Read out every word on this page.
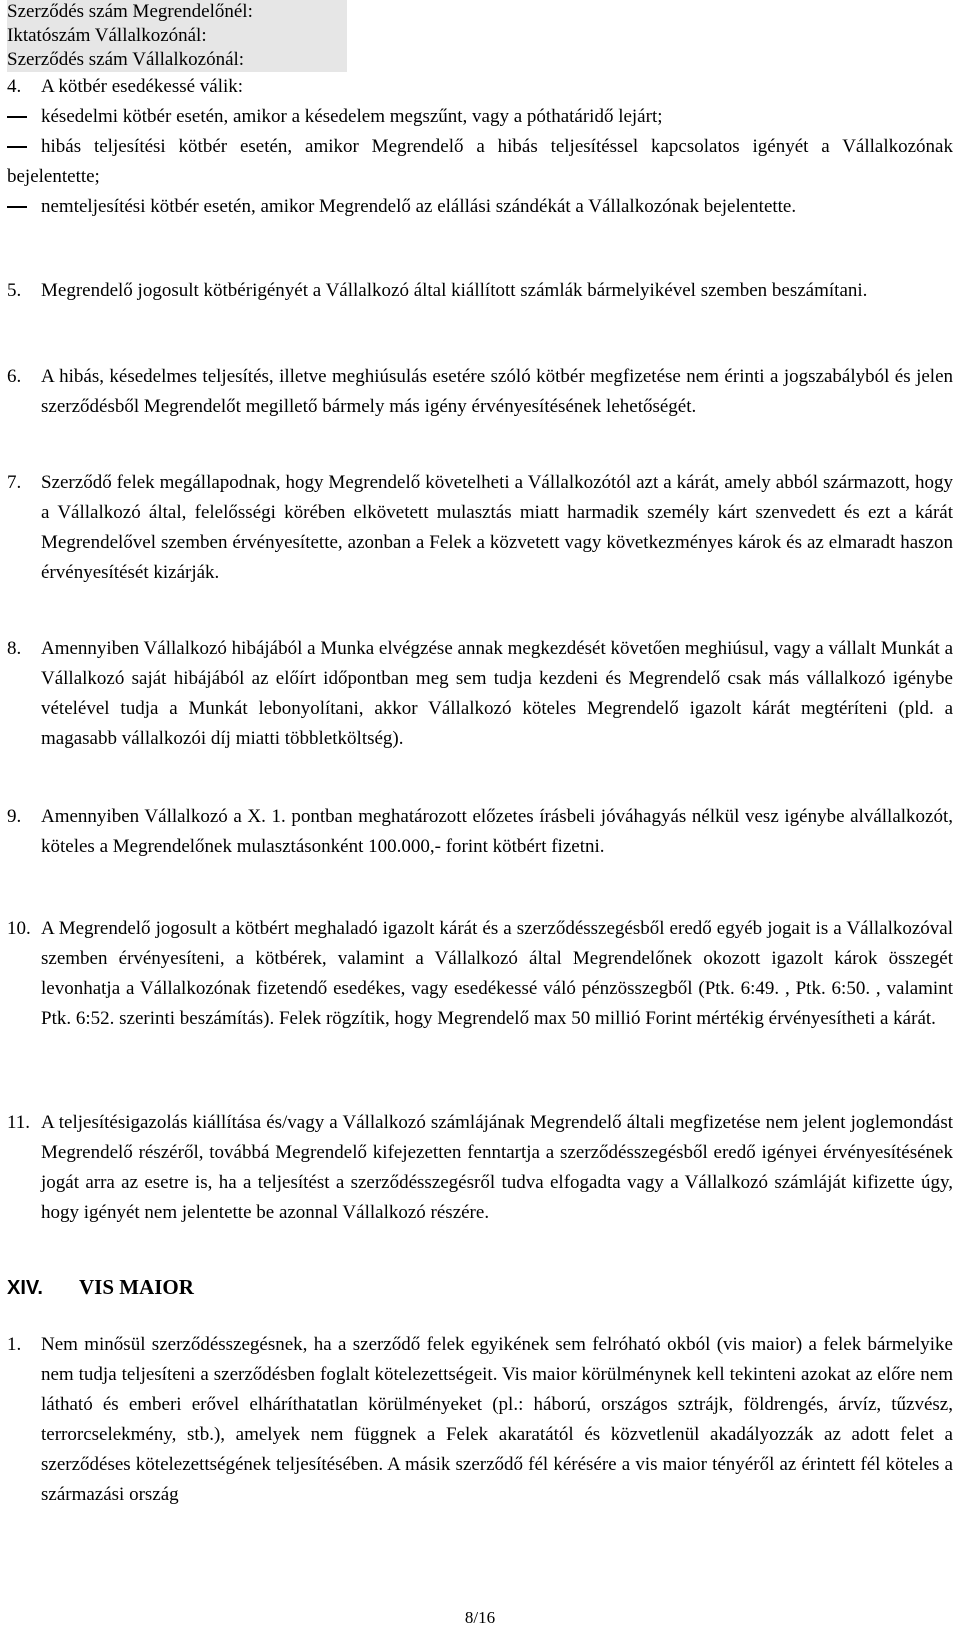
Szerződés szám Megrendelőnél:
Iktatószám Vállalkozónál:
Szerződés szám Vállalkozónál:
4. A kötbér esedékessé válik:
késedelmi kötbér esetén, amikor a késedelem megszűnt, vagy a póthatáridő lejárt;
hibás teljesítési kötbér esetén, amikor Megrendelő a hibás teljesítéssel kapcsolatos igényét a Vállalkozónak bejelentette;
nemteljesítési kötbér esetén, amikor Megrendelő az elállási szándékát a Vállalkozónak bejelentette.
5. Megrendelő jogosult kötbérigényét a Vállalkozó által kiállított számlák bármelyikével szemben beszámítani.
6. A hibás, késedelmes teljesítés, illetve meghiúsulás esetére szóló kötbér megfizetése nem érinti a jogszabályból és jelen szerződésből Megrendelőt megillető bármely más igény érvényesítésének lehetőségét.
7. Szerződő felek megállapodnak, hogy Megrendelő követelheti a Vállalkozótól azt a kárát, amely abból származott, hogy a Vállalkozó által, felelősségi körében elkövetett mulasztás miatt harmadik személy kárt szenvedett és ezt a kárát Megrendelővel szemben érvényesítette, azonban a Felek a közvetett vagy következményes károk és az elmaradt haszon érvényesítését kizárják.
8. Amennyiben Vállalkozó hibájából a Munka elvégzése annak megkezdését követően meghiúsul, vagy a vállalt Munkát a Vállalkozó saját hibájából az előírt időpontban meg sem tudja kezdeni és Megrendelő csak más vállalkozó igénybe vételével tudja a Munkát lebonyolítani, akkor Vállalkozó köteles Megrendelő igazolt kárát megtéríteni (pld. a magasabb vállalkozói díj miatti többletköltség).
9. Amennyiben Vállalkozó a X. 1. pontban meghatározott előzetes írásbeli jóváhagyás nélkül vesz igénybe alvállalkozót, köteles a Megrendelőnek mulasztásonként 100.000,- forint kötbért fizetni.
10. A Megrendelő jogosult a kötbért meghaladó igazolt kárát és a szerződésszegésből eredő egyéb jogait is a Vállalkozóval szemben érvényesíteni, a kötbérek, valamint a Vállalkozó által Megrendelőnek okozott igazolt károk összegét levonhatja a Vállalkozónak fizetendő esedékes, vagy esedékessé váló pénzösszegből (Ptk. 6:49. , Ptk. 6:50. , valamint Ptk. 6:52. szerinti beszámítás). Felek rögzítik, hogy Megrendelő max 50 millió Forint mértékig érvényesítheti a kárát.
11. A teljesítésigazolás kiállítása és/vagy a Vállalkozó számlájának Megrendelő általi megfizetése nem jelent joglemondást Megrendelő részéről, továbbá Megrendelő kifejezetten fenntartja a szerződésszegésből eredő igényei érvényesítésének jogát arra az esetre is, ha a teljesítést a szerződésszegésről tudva elfogadta vagy a Vállalkozó számláját kifizette úgy, hogy igényét nem jelentette be azonnal Vállalkozó részére.
XIV. VIS MAIOR
1. Nem minősül szerződésszegésnek, ha a szerződő felek egyikének sem felróható okból (vis maior) a felek bármelyike nem tudja teljesíteni a szerződésben foglalt kötelezettségeit. Vis maior körülménynek kell tekinteni azokat az előre nem látható és emberi erővel elháríthatatlan körülményeket (pl.: háború, országos sztrájk, földrengés, árvíz, tűzvész, terrorcselekmény, stb.), amelyek nem függnek a Felek akaratától és közvetlenül akadályozzák az adott felet a szerződéses kötelezettségének teljesítésében. A másik szerződő fél kérésére a vis maior tényéről az érintett fél köteles a származási ország
8/16
